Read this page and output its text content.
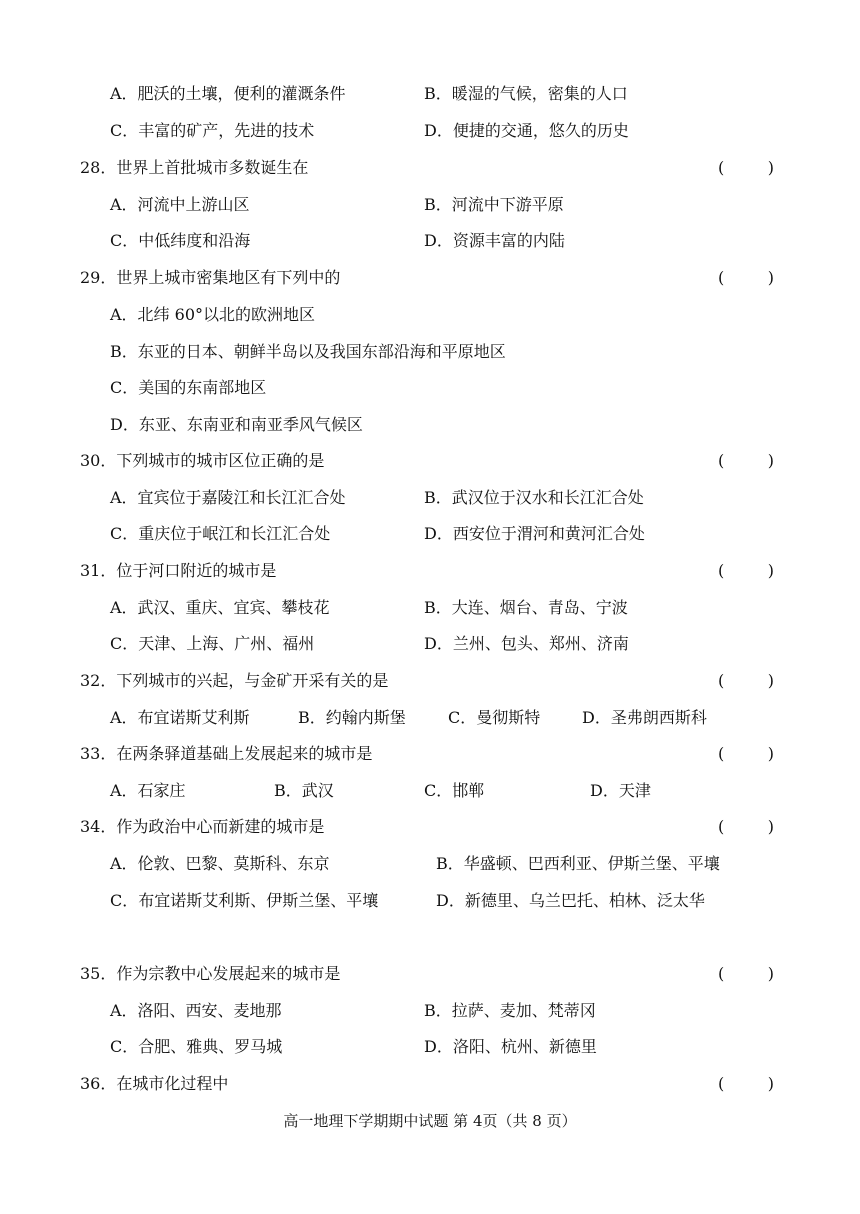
A．肥沃的土壤，便利的灌溉条件	B．暖湿的气候，密集的人口
C．丰富的矿产，先进的技术	D．便捷的交通，悠久的历史
28．世界上首批城市多数诞生在	(	)
A．河流中上游山区	B．河流中下游平原
C．中低纬度和沿海	D．资源丰富的内陆
29．世界上城市密集地区有下列中的	(	)
A．北纬 60°以北的欧洲地区
B．东亚的日本、朝鲜半岛以及我国东部沿海和平原地区
C．美国的东南部地区
D．东亚、东南亚和南亚季风气候区
30．下列城市的城市区位正确的是	(	)
A．宜宾位于嘉陵江和长江汇合处	B．武汉位于汉水和长江汇合处
C．重庆位于岷江和长江汇合处	D．西安位于渭河和黄河汇合处
31．位于河口附近的城市是	(	)
A．武汉、重庆、宜宾、攀枝花	B．大连、烟台、青岛、宁波
C．天津、上海、广州、福州	D．兰州、包头、郑州、济南
32．下列城市的兴起，与金矿开采有关的是	(	)
A．布宜诺斯艾利斯	B．约翰内斯堡	C．曼彻斯特	D．圣弗朗西斯科
33．在两条驿道基础上发展起来的城市是	(	)
A．石家庄	B．武汉	C．邯郸	D．天津
34．作为政治中心而新建的城市是	(	)
A．伦敦、巴黎、莫斯科、东京	B．华盛顿、巴西利亚、伊斯兰堡、平壤
C．布宜诺斯艾利斯、伊斯兰堡、平壤	D．新德里、乌兰巴托、柏林、泛太华
35．作为宗教中心发展起来的城市是	(	)
A．洛阳、西安、麦地那	B．拉萨、麦加、梵蒂冈
C．合肥、雅典、罗马城	D．洛阳、杭州、新德里
36．在城市化过程中	(	)
高一地理下学期期中试题 第 4页（共 8 页）
